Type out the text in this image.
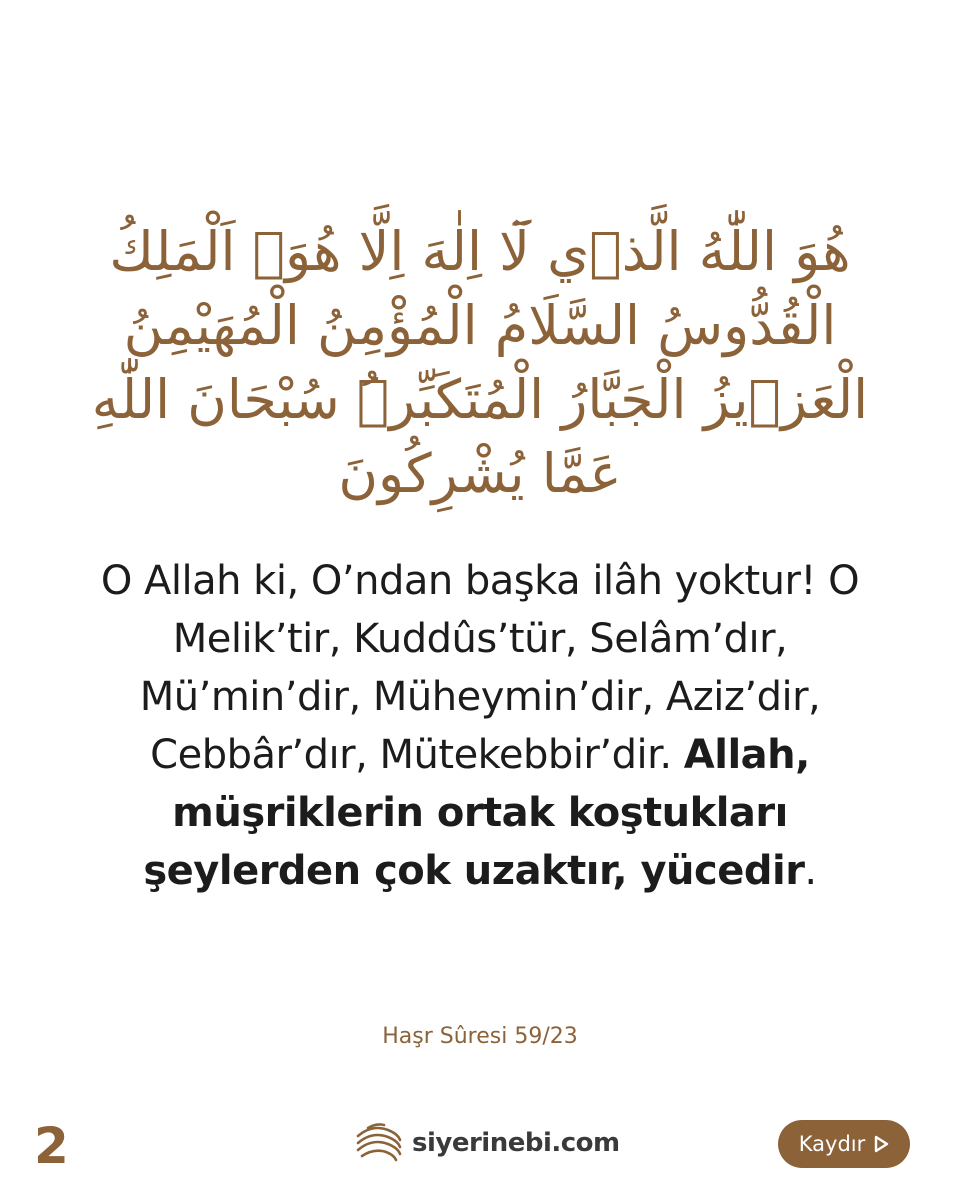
هُوَ اللّٰهُ الَّذ۪ي لَٓا اِلٰهَ اِلَّا هُوَۚ اَلْمَلِكُ الْقُدُّوسُ السَّلَامُ الْمُؤْمِنُ الْمُهَيْمِنُ الْعَز۪يزُ الْجَبَّارُ الْمُتَكَبِّرُۜ سُبْحَانَ اللّٰهِ عَمَّا يُشْرِكُونَ

O Allah ki, O’ndan başka ilâh yoktur! O Melik’tir, Kuddûs’tür, Selâm’dır, Mü’min’dir, Müheymin’dir, Aziz’dir, Cebbâr’dır, Mütekebbir’dir. Allah, müşriklerin ortak koştukları şeylerden çok uzaktır, yücedir.

Haşr Sûresi 59/23
2	siyerinebi.com	Kaydır
